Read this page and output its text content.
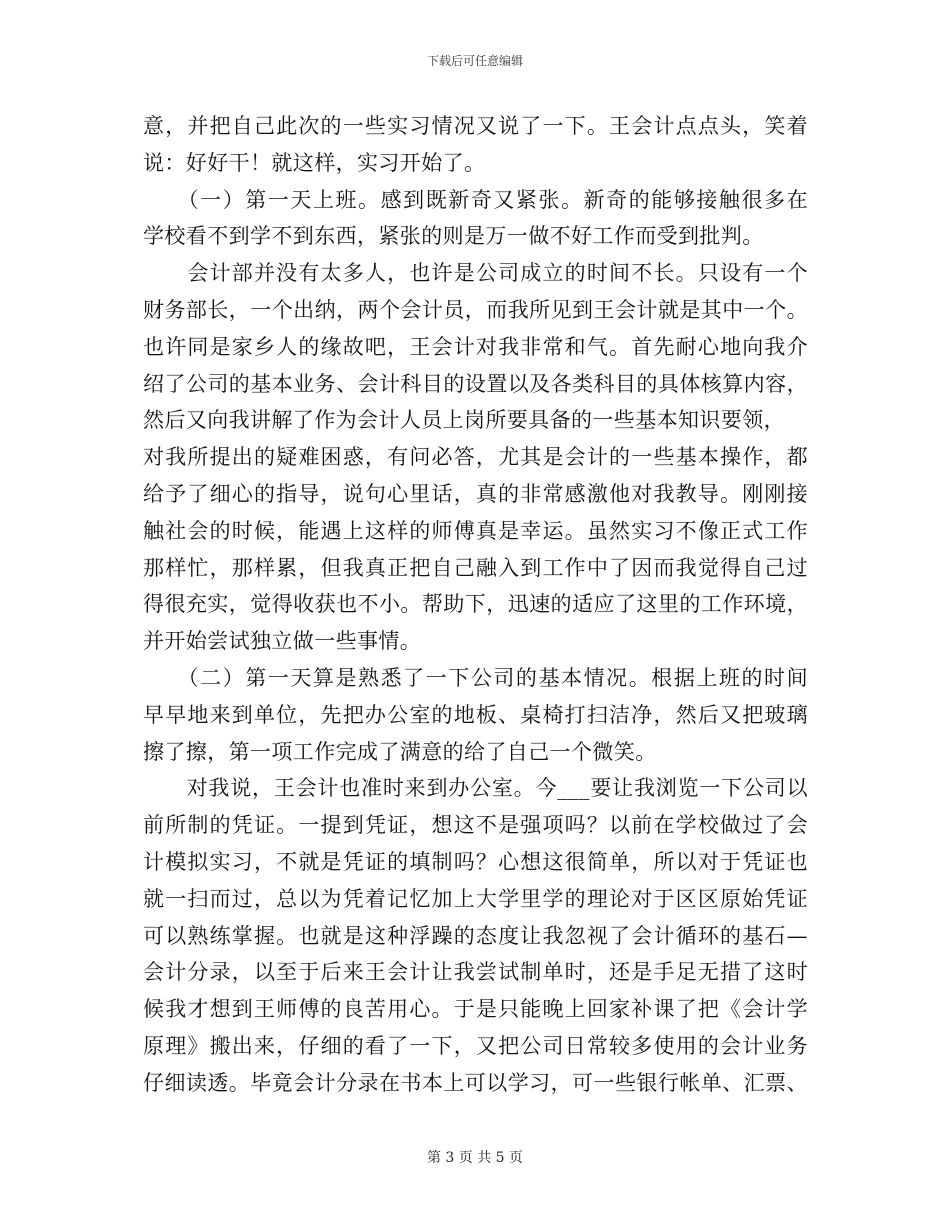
下载后可任意编辑
意，并把自己此次的一些实习情况又说了一下。王会计点点头，笑着
说：好好干！就这样，实习开始了。
　　（一）第一天上班。感到既新奇又紧张。新奇的能够接触很多在
学校看不到学不到东西，紧张的则是万一做不好工作而受到批判。
　　会计部并没有太多人，也许是公司成立的时间不长。只设有一个
财务部长，一个出纳，两个会计员，而我所见到王会计就是其中一个。
也许同是家乡人的缘故吧，王会计对我非常和气。首先耐心地向我介
绍了公司的基本业务、会计科目的设置以及各类科目的具体核算内容，
然后又向我讲解了作为会计人员上岗所要具备的一些基本知识要领，
对我所提出的疑难困惑，有问必答，尤其是会计的一些基本操作，都
给予了细心的指导，说句心里话，真的非常感激他对我教导。刚刚接
触社会的时候，能遇上这样的师傅真是幸运。虽然实习不像正式工作
那样忙，那样累，但我真正把自己融入到工作中了因而我觉得自己过
得很充实，觉得收获也不小。帮助下，迅速的适应了这里的工作环境，
并开始尝试独立做一些事情。
　　（二）第一天算是熟悉了一下公司的基本情况。根据上班的时间
早早地来到单位，先把办公室的地板、桌椅打扫洁净，然后又把玻璃
擦了擦，第一项工作完成了满意的给了自己一个微笑。
　　对我说，王会计也准时来到办公室。今___要让我浏览一下公司以
前所制的凭证。一提到凭证，想这不是强项吗？以前在学校做过了会
计模拟实习，不就是凭证的填制吗？心想这很简单，所以对于凭证也
就一扫而过，总以为凭着记忆加上大学里学的理论对于区区原始凭证
可以熟练掌握。也就是这种浮躁的态度让我忽视了会计循环的基石—
会计分录，以至于后来王会计让我尝试制单时，还是手足无措了这时
候我才想到王师傅的良苦用心。于是只能晚上回家补课了把《会计学
原理》搬出来，仔细的看了一下，又把公司日常较多使用的会计业务
仔细读透。毕竟会计分录在书本上可以学习，可一些银行帐单、汇票、
第 3 页 共 5 页
